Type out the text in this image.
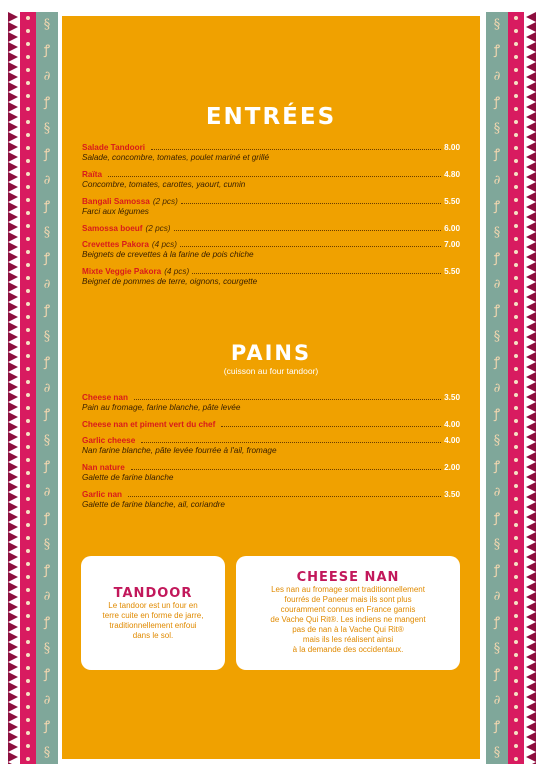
§
ꝭ
∂
ꝭ
§
ꝭ
∂
ꝭ
§
ꝭ
∂
ꝭ
§
ꝭ
∂
ꝭ
§
ꝭ
∂
ꝭ
§
ꝭ
∂
ꝭ
§
ꝭ
∂
ꝭ
§
§
ꝭ
∂
ꝭ
§
ꝭ
∂
ꝭ
§
ꝭ
∂
ꝭ
§
ꝭ
∂
ꝭ
§
ꝭ
∂
ꝭ
§
ꝭ
∂
ꝭ
§
ꝭ
∂
ꝭ
§
ENTRÉES
Salade Tandoori	8.00
Salade, concombre, tomates, poulet mariné et grillé
Raïta	4.80
Concombre, tomates, carottes, yaourt, cumin
Bangali Samossa (2 pcs)	5.50
Farci aux légumes
Samossa boeuf (2 pcs)	6.00
Crevettes Pakora (4 pcs)	7.00
Beignets de crevettes à la farine de pois chiche
Mixte Veggie Pakora (4 pcs)	5.50
Beignet de pommes de terre, oignons, courgette
PAINS
(cuisson au four tandoor)
Cheese nan	3.50
Pain au fromage, farine blanche, pâte levée
Cheese nan et piment vert du chef	4.00
Garlic cheese	4.00
Nan farine blanche, pâte levée fourrée à l'ail, fromage
Nan nature	2.00
Galette de farine blanche
Garlic nan	3.50
Galette de farine blanche, ail, coriandre
TANDOOR
Le tandoor est un four en
terre cuite en forme de jarre,
traditionnellement enfoui
dans le sol.
CHEESE NAN
Les nan au fromage sont traditionnellement
fourrés de Paneer mais ils sont plus
couramment connus en France garnis
de Vache Qui Rit®. Les indiens ne mangent
pas de nan à la Vache Qui Rit®
mais ils les réalisent ainsi
à la demande des occidentaux.
